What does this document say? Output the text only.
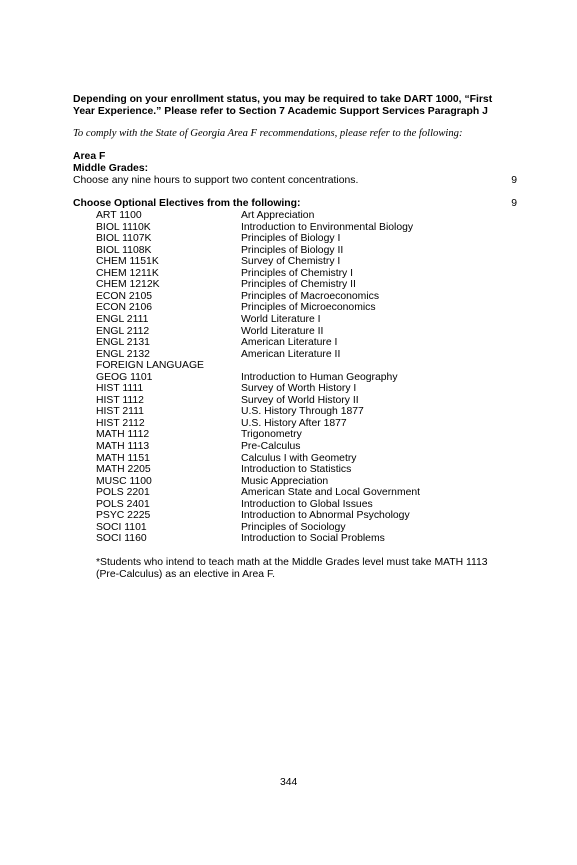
Depending on your enrollment status, you may be required to take DART 1000, “First
Year Experience.” Please refer to Section 7 Academic Support Services Paragraph J
To comply with the State of Georgia Area F recommendations, please refer to the following:
Area F
Middle Grades:
Choose any nine hours to support two content concentrations.	9
Choose Optional Electives from the following:	9
ART 1100	Art Appreciation
BIOL 1110K	Introduction to Environmental Biology
BIOL 1107K	Principles of Biology I
BIOL 1108K	Principles of Biology II
CHEM 1151K	Survey of Chemistry I
CHEM 1211K	Principles of Chemistry I
CHEM 1212K	Principles of Chemistry II
ECON 2105	Principles of Macroeconomics
ECON 2106	Principles of Microeconomics
ENGL 2111	World Literature I
ENGL 2112	World Literature II
ENGL 2131	American Literature I
ENGL 2132	American Literature II
FOREIGN LANGUAGE
GEOG 1101	Introduction to Human Geography
HIST 1111	Survey of Worth History I
HIST 1112	Survey of World History II
HIST 2111	U.S. History Through 1877
HIST 2112	U.S. History After 1877
MATH 1112	Trigonometry
MATH 1113	Pre-Calculus
MATH 1151	Calculus I with Geometry
MATH 2205	Introduction to Statistics
MUSC 1100	Music Appreciation
POLS 2201	American State and Local Government
POLS 2401	Introduction to Global Issues
PSYC 2225	Introduction to Abnormal Psychology
SOCI 1101	Principles of Sociology
SOCI 1160	Introduction to Social Problems
*Students who intend to teach math at the Middle Grades level must take MATH 1113
(Pre-Calculus) as an elective in Area F.
344
